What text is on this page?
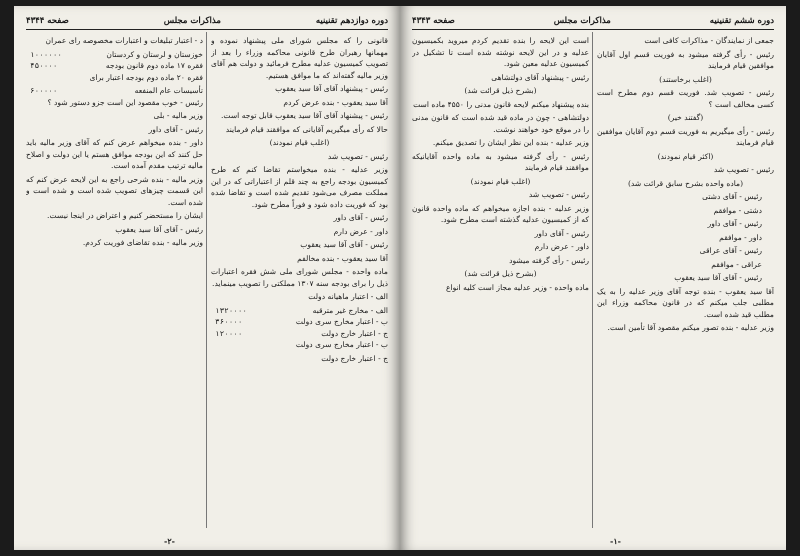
دوره دوازدهم تقنینیه
مذاکرات مجلس
صفحه ۴۳۴۴

قانونی را که مجلس شورای ملی پیشنهاد نموده و مهمانها رهبران طرح قانونی محاکمه وزراء را بعد از تصویب کمیسیون عدلیه مطرح فرمائید و دولت هم آقای وزیر مالیه گفته‌اند که ما موافق هستیم.

رئیس - پیشنهاد آقای آقا سید یعقوب

آقا سید یعقوب - بنده عرض کردم

رئیس - پیشنهاد آقای آقا سید یعقوب قابل توجه است.

حالا که رأی میگیریم آقایانی که موافقند قیام فرمایند

(اغلب قیام نمودند)

رئیس - تصویب شد

وزیر عدلیه - بنده میخواستم تقاضا کنم که طرح کمیسیون بودجه راجع به چند قلم از اعتباراتی که در این مملکت مصرف می‌شود تقدیم شده است و تقاضا شده بود که فوریت داده شود و فوراً مطرح شود.

رئیس - آقای داور

داور - عرض دارم

رئیس - آقای آقا سید یعقوب

آقا سید یعقوب - بنده مخالفم

ماده واحده - مجلس شورای ملی شش فقره اعتبارات ذیل را برای بودجه سنه ۱۳۰۷ مملکتی را تصویب مینماید.

الف - اعتبار ماهیانه دولت

الف - مخارج غیر مترقبه
۱۳۲۰۰۰۰
ب - اعتبار مخارج سری دولت
۳۶۰۰۰۰
ج - اعتبار خارج دولت
۱۲۰۰۰۰

ب - اعتبار مخارج سری دولت

ج - اعتبار خارج دولت

د - اعتبار تبلیغات و اعتبارات مخصوصه رای عمران

خوزستان و لرستان و کردستان
۱۰۰۰۰۰۰
فقره ۱۷ ماده دوم قانون بودجه
۴۵۰۰۰۰

فقره ۲۰ ماده دوم بودجه اعتبار برای

تأسیسات عام المنفعه
۶۰۰۰۰۰

رئیس - خوب مقصود این است جزو دستور شود ؟

وزیر مالیه - بلی

رئیس - آقای داور

داور - بنده میخواهم عرض کنم که آقای وزیر مالیه باید حل کنند که این بودجه موافق هستم یا این دولت و اصلاح مالیه ترتیب مقدم آمده است.

وزیر مالیه - بنده شرحی راجع به این لایحه عرض کنم که این قسمت چیزهای تصویب شده است و شده است و شده است.

ایشان را مستحضر کنیم و اعتراض در اینجا نیست.

رئیس - آقای آقا سید یعقوب

وزیر مالیه - بنده تقاضای فوریت کردم.

-۲-
دوره ششم تقنینیه
مذاکرات مجلس
صفحه ۴۳۴۳

جمعی از نمایندگان - مذاکرات کافی است

رئیس - رأی گرفته میشود به فوریت قسم اول آقایان موافقین قیام فرمایند

(اغلب برخاستند)

رئیس - تصویب شد. فوریت قسم دوم مطرح است کسی مخالف است ؟

(گفتند خیر)

رئیس - رأی میگیریم به فوریت قسم دوم آقایان موافقین قیام فرمایند

(اکثر قیام نمودند)

رئیس - تصویب شد

(ماده واحده بشرح سابق قرائت شد)

رئیس - آقای دشتی

دشتی - موافقم

رئیس - آقای داور

داور - موافقم

رئیس - آقای عراقی

عراقی - موافقم

رئیس - آقای آقا سید یعقوب

آقا سید یعقوب - بنده توجه آقای وزیر عدلیه را به یک مطلبی جلب میکنم که در قانون محاکمه وزراء این مطلب قید شده است.

وزیر عدلیه - بنده تصور میکنم مقصود آقا تأمین است.

است این لایحه را بنده تقدیم کردم میروید بکمیسیون عدلیه و در این لایحه نوشته شده است تا تشکیل در کمیسیون عدلیه معین شود.

رئیس - پیشنهاد آقای دولتشاهی

(بشرح ذیل قرائت شد)

بنده پیشنهاد میکنم لایحه قانون مدنی را ۴۵۵۰ ماده است

دولتشاهی - چون در ماده قید شده است که قانون مدنی را در موقع خود خواهند نوشت.

وزیر عدلیه - بنده این نظر ایشان را تصدیق میکنم.

رئیس - رأی گرفته میشود به ماده واحده آقایانیکه موافقند قیام فرمایند

(اغلب قیام نمودند)

رئیس - تصویب شد

وزیر عدلیه - بنده اجازه میخواهم که ماده واحده قانون که از کمیسیون عدلیه گذشته است مطرح شود.

رئیس - آقای داور

داور - عرض دارم

رئیس - رأی گرفته میشود

(بشرح ذیل قرائت شد)

ماده واحده - وزیر عدلیه مجاز است کلیه انواع

-۱-
